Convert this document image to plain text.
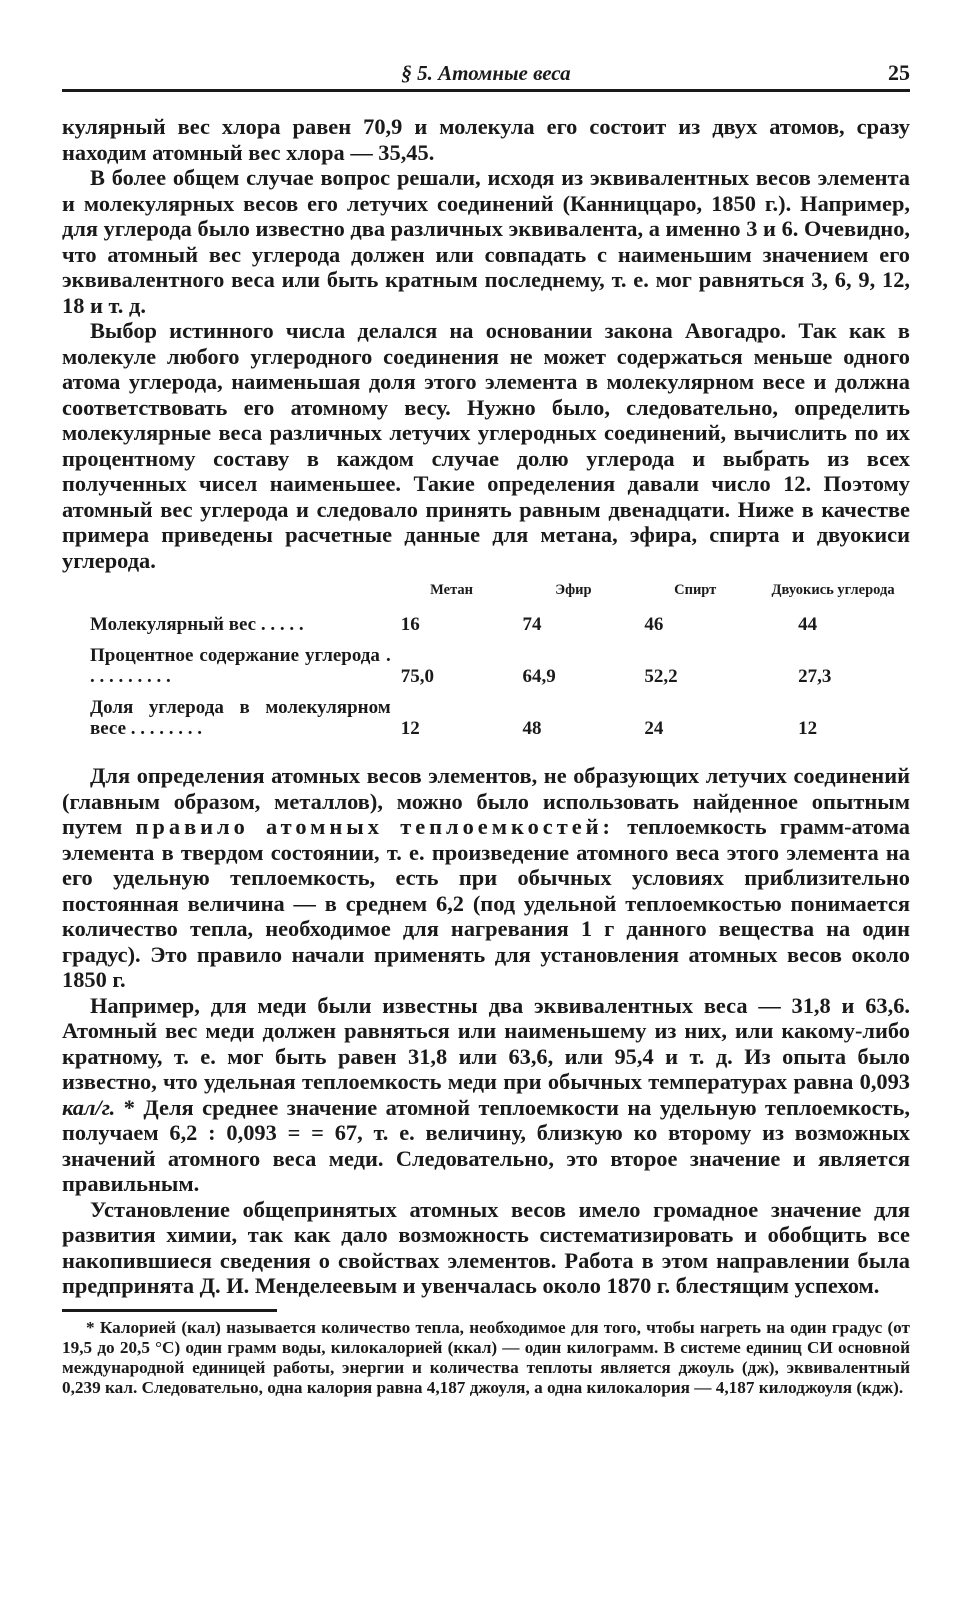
§ 5. Атомные веса	25

кулярный вес хлора равен 70,9 и молекула его состоит из двух атомов, сразу находим атомный вес хлора — 35,45.

В более общем случае вопрос решали, исходя из эквивалентных весов элемента и молекулярных весов его летучих соединений (Канниццаро, 1850 г.). Например, для углерода было известно два различных эквивалента, а именно 3 и 6. Очевидно, что атомный вес углерода должен или совпадать с наименьшим значением его эквивалентного веса или быть кратным последнему, т. е. мог равняться 3, 6, 9, 12, 18 и т. д.

Выбор истинного числа делался на основании закона Авогадро. Так как в молекуле любого углеродного соединения не может содержаться меньше одного атома углерода, наименьшая доля этого элемента в молекулярном весе и должна соответствовать его атомному весу. Нужно было, следовательно, определить молекулярные веса различных летучих углеродных соединений, вычислить по их процентному составу в каждом случае долю углерода и выбрать из всех полученных чисел наименьшее. Такие определения давали число 12. Поэтому атомный вес углерода и следовало принять равным двенадцати. Ниже в качестве примера приведены расчетные данные для метана, эфира, спирта и двуокиси углерода.

	Метан	Эфир	Спирт	Двуокись углерода
Молекулярный вес . . . . .	16	74	46	44
Процентное содержание углерода . . . . . . . . . .	75,0	64,9	52,2	27,3
Доля углерода в молекулярном весе . . . . . . . .	12	48	24	12

Для определения атомных весов элементов, не образующих летучих соединений (главным образом, металлов), можно было использовать найденное опытным путем правило атомных теплоемкостей: теплоемкость грамм-атома элемента в твердом состоянии, т. е. произведение атомного веса этого элемента на его удельную теплоемкость, есть при обычных условиях приблизительно постоянная величина — в среднем 6,2 (под удельной теплоемкостью понимается количество тепла, необходимое для нагревания 1 г данного вещества на один градус). Это правило начали применять для установления атомных весов около 1850 г.

Например, для меди были известны два эквивалентных веса — 31,8 и 63,6. Атомный вес меди должен равняться или наименьшему из них, или какому-либо кратному, т. е. мог быть равен 31,8 или 63,6, или 95,4 и т. д. Из опыта было известно, что удельная теплоемкость меди при обычных температурах равна 0,093 кал/г. * Деля среднее значение атомной теплоемкости на удельную теплоемкость, получаем 6,2 : 0,093 = = 67, т. е. величину, близкую ко второму из возможных значений атомного веса меди. Следовательно, это второе значение и является правильным.

Установление общепринятых атомных весов имело громадное значение для развития химии, так как дало возможность систематизировать и обобщить все накопившиеся сведения о свойствах элементов. Работа в этом направлении была предпринята Д. И. Менделеевым и увенчалась около 1870 г. блестящим успехом.

* Калорией (кал) называется количество тепла, необходимое для того, чтобы нагреть на один градус (от 19,5 до 20,5 °С) один грамм воды, килокалорией (ккал) — один килограмм. В системе единиц СИ основной международной единицей работы, энергии и количества теплоты является джоуль (дж), эквивалентный 0,239 кал. Следовательно, одна калория равна 4,187 джоуля, а одна килокалория — 4,187 килоджоуля (кдж).
